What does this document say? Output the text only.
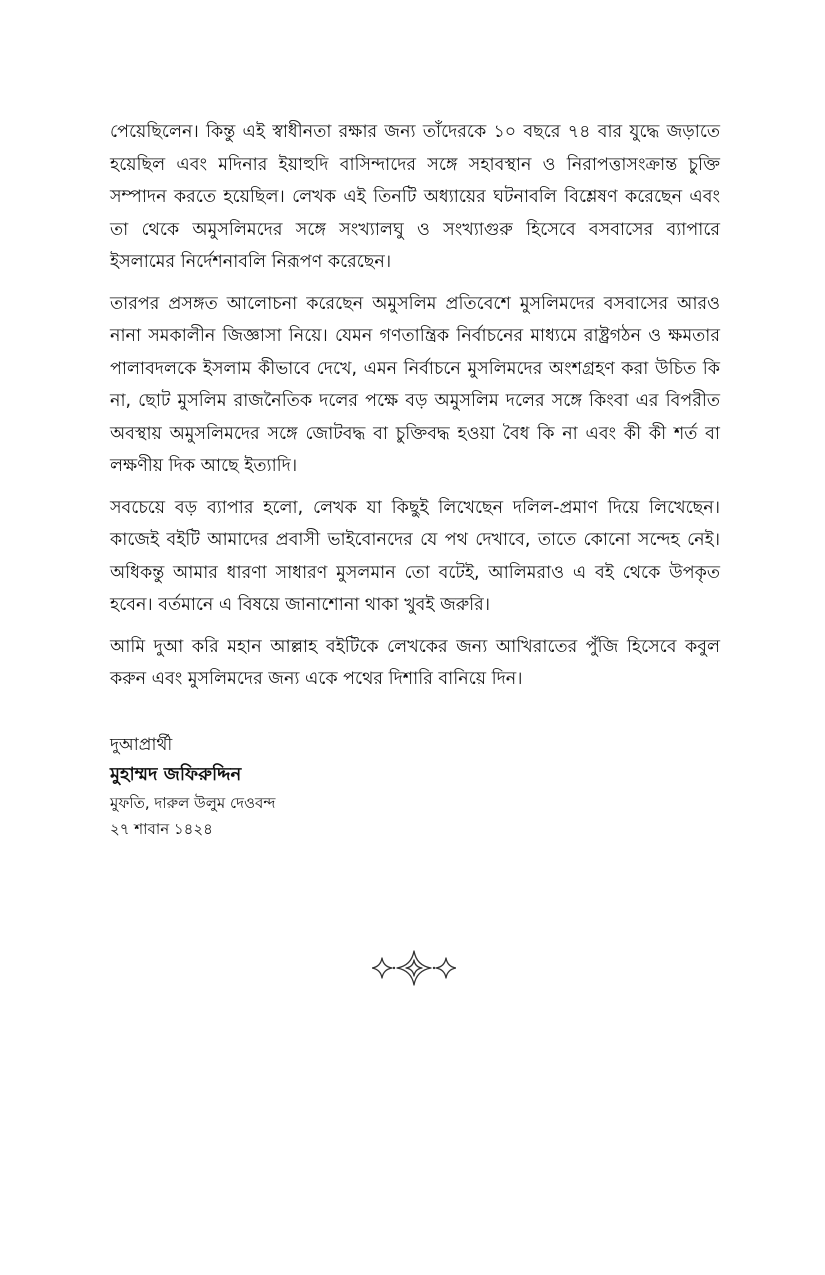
পেয়েছিলেন। কিন্তু এই স্বাধীনতা রক্ষার জন্য তাঁদেরকে ১০ বছরে ৭৪ বার যুদ্ধে জড়াতে হয়েছিল এবং মদিনার ইয়াহুদি বাসিন্দাদের সঙ্গে সহাবস্থান ও নিরাপত্তাসংক্রান্ত চুক্তি সম্পাদন করতে হয়েছিল। লেখক এই তিনটি অধ্যায়ের ঘটনাবলি বিশ্লেষণ করেছেন এবং তা থেকে অমুসলিমদের সঙ্গে সংখ্যালঘু ও সংখ্যাগুরু হিসেবে বসবাসের ব্যাপারে ইসলামের নির্দেশনাবলি নিরূপণ করেছেন।

তারপর প্রসঙ্গত আলোচনা করেছেন অমুসলিম প্রতিবেশে মুসলিমদের বসবাসের আরও নানা সমকালীন জিজ্ঞাসা নিয়ে। যেমন গণতান্ত্রিক নির্বাচনের মাধ্যমে রাষ্ট্রগঠন ও ক্ষমতার পালাবদলকে ইসলাম কীভাবে দেখে, এমন নির্বাচনে মুসলিমদের অংশগ্রহণ করা উচিত কি না, ছোট মুসলিম রাজনৈতিক দলের পক্ষে বড় অমুসলিম দলের সঙ্গে কিংবা এর বিপরীত অবস্থায় অমুসলিমদের সঙ্গে জোটবদ্ধ বা চুক্তিবদ্ধ হওয়া বৈধ কি না এবং কী কী শর্ত বা লক্ষণীয় দিক আছে ইত্যাদি।

সবচেয়ে বড় ব্যাপার হলো, লেখক যা কিছুই লিখেছেন দলিল-প্রমাণ দিয়ে লিখেছেন। কাজেই বইটি আমাদের প্রবাসী ভাইবোনদের যে পথ দেখাবে, তাতে কোনো সন্দেহ নেই। অধিকন্তু আমার ধারণা সাধারণ মুসলমান তো বটেই, আলিমরাও এ বই থেকে উপকৃত হবেন। বর্তমানে এ বিষয়ে জানাশোনা থাকা খুবই জরুরি।

আমি দুআ করি মহান আল্লাহ বইটিকে লেখকের জন্য আখিরাতের পুঁজি হিসেবে কবুল করুন এবং মুসলিমদের জন্য একে পথের দিশারি বানিয়ে দিন।

দুআপ্রার্থী

মুহাম্মদ জফিরুদ্দিন

মুফতি, দারুল উলুম দেওবন্দ

২৭ শাবান ১৪২৪
